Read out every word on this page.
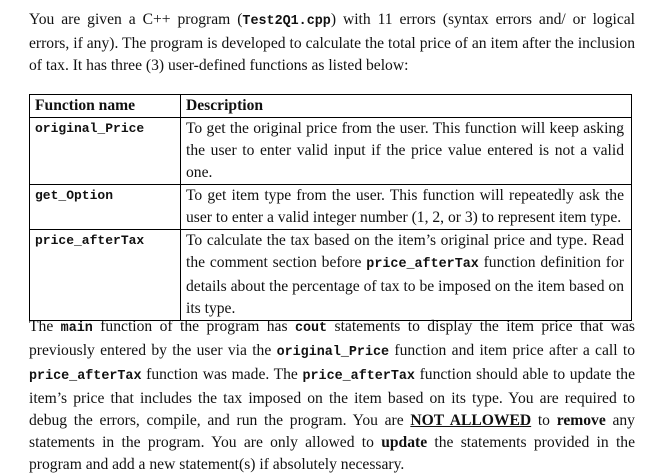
You are given a C++ program (Test2Q1.cpp) with 11 errors (syntax errors and/ or logical errors, if any). The program is developed to calculate the total price of an item after the inclusion of tax. It has three (3) user-defined functions as listed below:
Function name	Description
original_Price	To get the original price from the user. This function will keep asking the user to enter valid input if the price value entered is not a valid one.
get_Option	To get item type from the user. This function will repeatedly ask the user to enter a valid integer number (1, 2, or 3) to represent item type.
price_afterTax	To calculate the tax based on the item’s original price and type. Read the comment section before price_afterTax function definition for details about the percentage of tax to be imposed on the item based on its type.
The main function of the program has cout statements to display the item price that was previously entered by the user via the original_Price function and item price after a call to price_afterTax function was made. The price_afterTax function should able to update the item’s price that includes the tax imposed on the item based on its type. You are required to debug the errors, compile, and run the program. You are NOT ALLOWED to remove any statements in the program. You are only allowed to update the statements provided in the program and add a new statement(s) if absolutely necessary.
